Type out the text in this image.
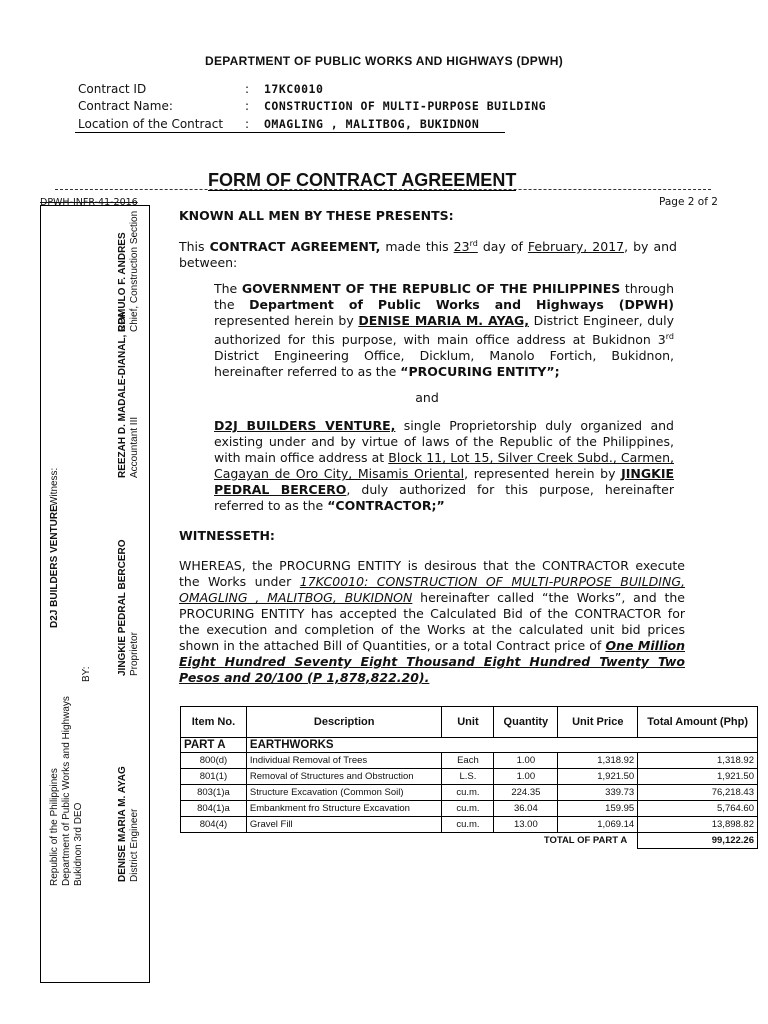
DEPARTMENT OF PUBLIC WORKS AND HIGHWAYS (DPWH)
Contract ID	: 17KC0010
Contract Name:	: CONSTRUCTION OF MULTI-PURPOSE BUILDING
Location of the Contract	: OMAGLING , MALITBOG, BUKIDNON
FORM OF CONTRACT AGREEMENT
DPWH-INFR-41-2016	Page 2 of 2
Republic of the Philippines Department of Public Works and Highways Bukidnon 3rd DEO	DENISE MARIA M. AYAG District Engineer
D2J BUILDERS VENTURE
BY:	JINGKIE PEDRAL BERCERO Proprietor
Witness:
REEZAH D. MADALE-DIANAL, CPA Accountant III
ROMULO F. ANDRES Chief, Construction Section	KNOWN ALL MEN BY THESE PRESENTS:
This CONTRACT AGREEMENT, made this 23rd day of February, 2017, by and between:
The GOVERNMENT OF THE REPUBLIC OF THE PHILIPPINES through the Department of Public Works and Highways (DPWH) represented herein by DENISE MARIA M. AYAG, District Engineer, duly authorized for this purpose, with main office address at Bukidnon 3rd District Engineering Office, Dicklum, Manolo Fortich, Bukidnon, hereinafter referred to as the “PROCURING ENTITY”;
and
D2J BUILDERS VENTURE, single Proprietorship duly organized and existing under and by virtue of laws of the Republic of the Philippines, with main office address at Block 11, Lot 15, Silver Creek Subd., Carmen, Cagayan de Oro City, Misamis Oriental, represented herein by JINGKIE PEDRAL BERCERO, duly authorized for this purpose, hereinafter referred to as the “CONTRACTOR;”
WITNESSETH:
WHEREAS, the PROCURNG ENTITY is desirous that the CONTRACTOR execute the Works under 17KC0010: CONSTRUCTION OF MULTI-PURPOSE BUILDING, OMAGLING , MALITBOG, BUKIDNON hereinafter called “the Works”, and the PROCURING ENTITY has accepted the Calculated Bid of the CONTRACTOR for the execution and completion of the Works at the calculated unit bid prices shown in the attached Bill of Quantities, or a total Contract price of One Million Eight Hundred Seventy Eight Thousand Eight Hundred Twenty Two Pesos and 20/100 (P 1,878,822.20).
Item No.	Description	Unit	Quantity	Unit Price	Total Amount (Php)
PART A	EARTHWORKS				
800(d)	Individual Removal of Trees	Each	1.00	1,318.92	1,318.92
801(1)	Removal of Structures and Obstruction	L.S.	1.00	1,921.50	1,921.50
803(1)a	Structure Excavation (Common Soil)	cu.m.	224.35	339.73	76,218.43
804(1)a	Embankment fro Structure Excavation	cu.m.	36.04	159.95	5,764.60
804(4)	Gravel Fill	cu.m.	13.00	1,069.14	13,898.82
TOTAL OF PART A					99,122.26
